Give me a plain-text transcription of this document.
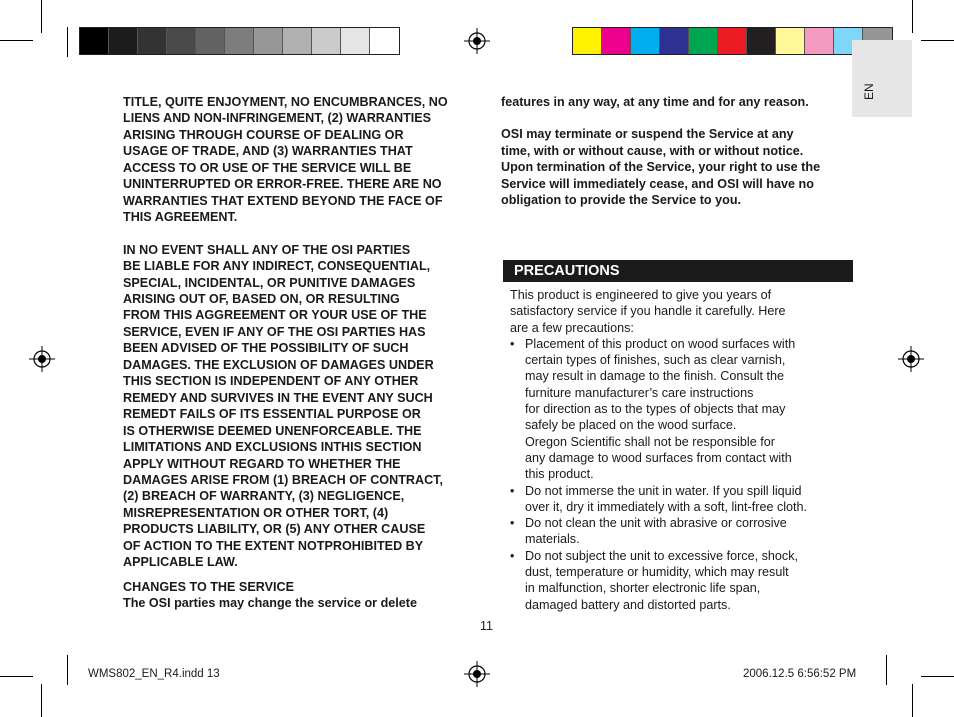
EN

TITLE, QUITE ENJOYMENT, NO ENCUMBRANCES, NO

LIENS AND NON-INFRINGEMENT, (2) WARRANTIES

ARISING THROUGH COURSE OF DEALING OR

USAGE OF TRADE, AND (3) WARRANTIES THAT

ACCESS TO OR USE OF THE SERVICE WILL BE

UNINTERRUPTED OR ERROR-FREE. THERE ARE NO

WARRANTIES THAT EXTEND BEYOND THE FACE OF

THIS AGREEMENT.

IN NO EVENT SHALL ANY OF THE OSI PARTIES

BE LIABLE FOR ANY INDIRECT, CONSEQUENTIAL,

SPECIAL, INCIDENTAL, OR PUNITIVE DAMAGES

ARISING OUT OF, BASED ON, OR RESULTING

FROM THIS AGGREEMENT OR YOUR USE OF THE

SERVICE, EVEN IF ANY OF THE OSI PARTIES HAS

BEEN ADVISED OF THE POSSIBILITY OF SUCH

DAMAGES. THE EXCLUSION OF DAMAGES UNDER

THIS SECTION IS INDEPENDENT OF ANY OTHER

REMEDY AND SURVIVES IN THE EVENT ANY SUCH

REMEDT FAILS OF ITS ESSENTIAL PURPOSE OR

IS OTHERWISE DEEMED UNENFORCEABLE. THE

LIMITATIONS AND EXCLUSIONS INTHIS SECTION

APPLY WITHOUT REGARD TO WHETHER THE

DAMAGES ARISE FROM (1) BREACH OF CONTRACT,

(2) BREACH OF WARRANTY, (3) NEGLIGENCE,

MISREPRESENTATION OR OTHER TORT, (4)

PRODUCTS LIABILITY, OR (5) ANY OTHER CAUSE

OF ACTION TO THE EXTENT NOTPROHIBITED BY

APPLICABLE LAW.

CHANGES TO THE SERVICE

The OSI parties may change the service or delete

features in any way, at any time and for any reason.

OSI may terminate or suspend the Service at any

time, with or without cause, with or without notice.

Upon termination of the Service, your right to use the

Service will immediately cease, and OSI will have no

obligation to provide the Service to you.

PRECAUTIONS

This product is engineered to give you years of

satisfactory service if you handle it carefully. Here

are a few precautions:

• Placement of this product on wood surfaces with

certain types of finishes, such as clear varnish,

may result in damage to the finish. Consult the

furniture manufacturer’s care instructions

for direction as to the types of objects that may

safely be placed on the wood surface.

Oregon Scientific shall not be responsible for

any damage to wood surfaces from contact with

this product.

• Do not immerse the unit in water. If you spill liquid

over it, dry it immediately with a soft, lint-free cloth.

• Do not clean the unit with abrasive or corrosive

materials.

• Do not subject the unit to excessive force, shock,

dust, temperature or humidity, which may result

in malfunction, shorter electronic life span,

damaged battery and distorted parts.

11
WMS802_EN_R4.indd 13	2006.12.5 6:56:52 PM
